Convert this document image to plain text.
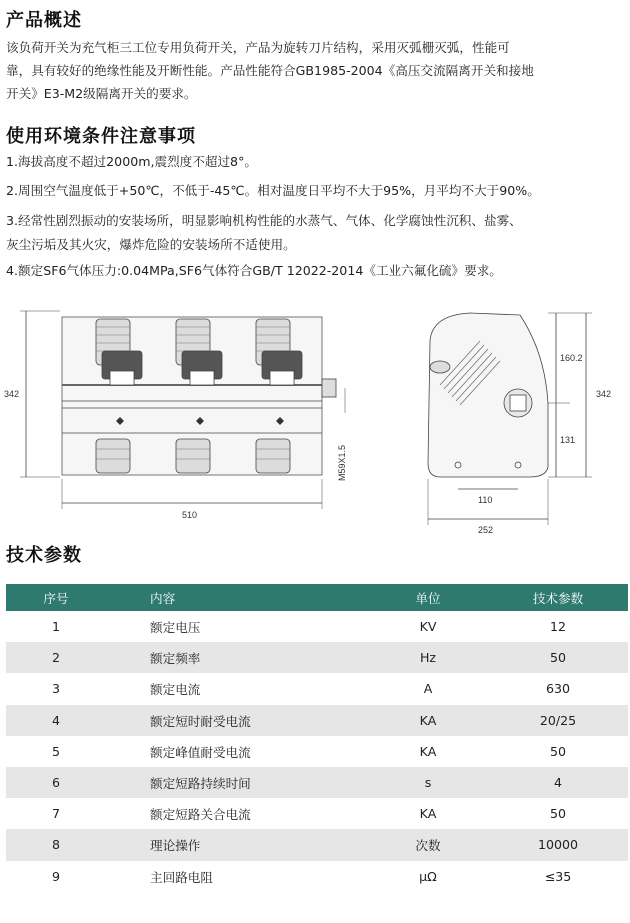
产品概述
该负荷开关为充气柜三工位专用负荷开关，产品为旋转刀片结构，采用灭弧栅灭弧，性能可
靠，具有较好的绝缘性能及开断性能。产品性能符合GB1985-2004《高压交流隔离开关和接地
开关》E3-M2级隔离开关的要求。
使用环境条件注意事项
1.海拔高度不超过2000m,震烈度不超过8°。
2.周围空气温度低于+50℃，不低于-45℃。相对温度日平均不大于95%，月平均不大于90%。
3.经常性剧烈振动的安装场所，明显影响机构性能的水蒸气、气体、化学腐蚀性沉积、盐雾、
灰尘污垢及其火灾，爆炸危险的安装场所不适使用。
4.额定SF6气体压力:0.04MPa,SF6气体符合GB/T 12022-2014《工业六氟化硫》要求。
342
510
M59X1.5
160.2
131
342
110
252
技术参数
序号	内容	单位	技术参数
1	额定电压	KV	12
2	额定频率	Hz	50
3	额定电流	A	630
4	额定短时耐受电流	KA	20/25
5	额定峰值耐受电流	KA	50
6	额定短路持续时间	s	4
7	额定短路关合电流	KA	50
8	理论操作	次数	10000
9	主回路电阻	μΩ	≤35
